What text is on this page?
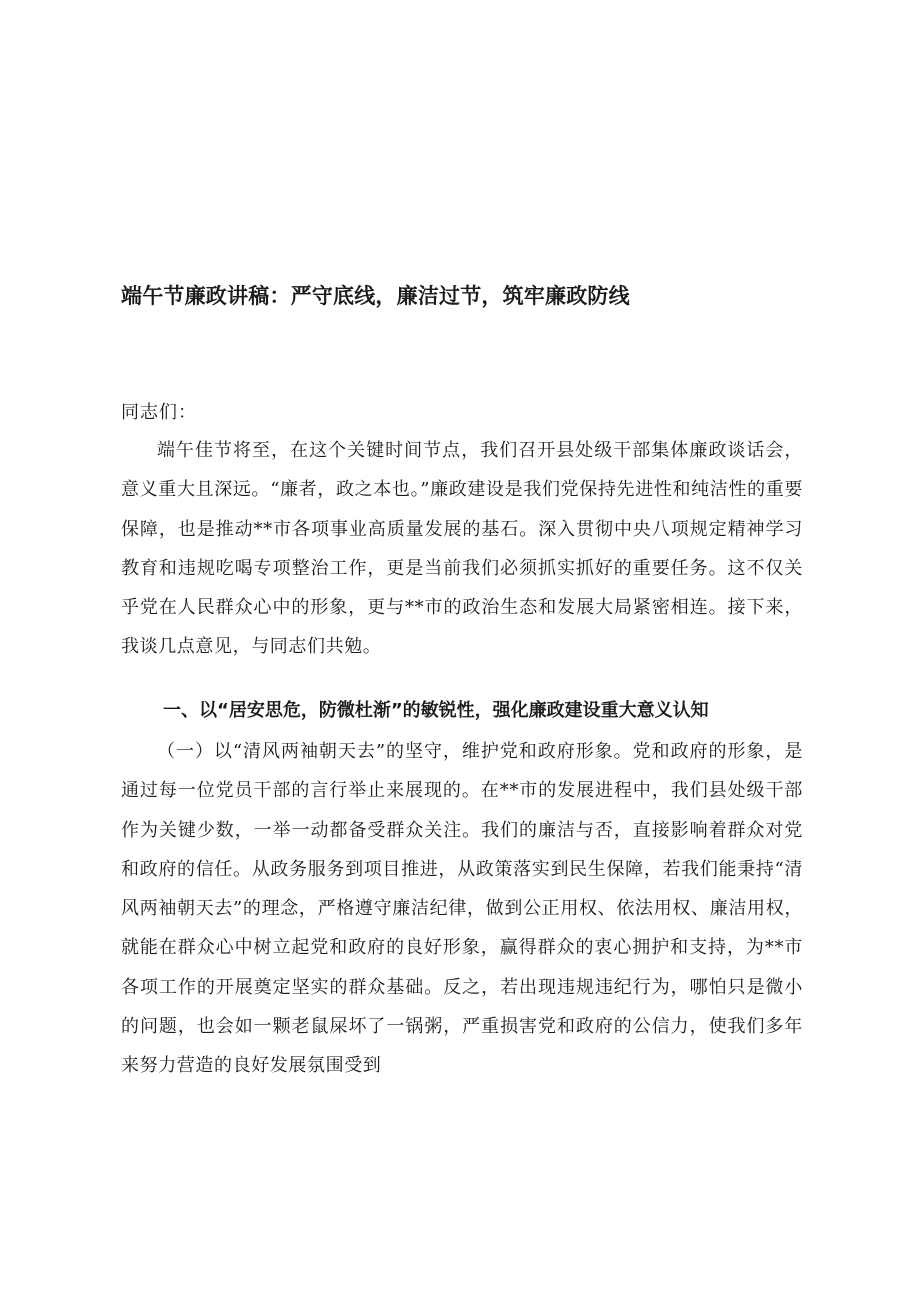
端午节廉政讲稿：严守底线，廉洁过节，筑牢廉政防线
同志们：

端午佳节将至，在这个关键时间节点，我们召开县处级干部集体廉政谈话会，意义重大且深远。“廉者，政之本也。”廉政建设是我们党保持先进性和纯洁性的重要保障，也是推动**市各项事业高质量发展的基石。深入贯彻中央八项规定精神学习教育和违规吃喝专项整治工作，更是当前我们必须抓实抓好的重要任务。这不仅关乎党在人民群众心中的形象，更与**市的政治生态和发展大局紧密相连。接下来，我谈几点意见，与同志们共勉。

一、以“居安思危，防微杜渐”的敏锐性，强化廉政建设重大意义认知

（一）以“清风两袖朝天去”的坚守，维护党和政府形象。党和政府的形象，是通过每一位党员干部的言行举止来展现的。在**市的发展进程中，我们县处级干部作为关键少数，一举一动都备受群众关注。我们的廉洁与否，直接影响着群众对党和政府的信任。从政务服务到项目推进，从政策落实到民生保障，若我们能秉持“清风两袖朝天去”的理念，严格遵守廉洁纪律，做到公正用权、依法用权、廉洁用权，就能在群众心中树立起党和政府的良好形象，赢得群众的衷心拥护和支持，为**市各项工作的开展奠定坚实的群众基础。反之，若出现违规违纪行为，哪怕只是微小的问题，也会如一颗老鼠屎坏了一锅粥，严重损害党和政府的公信力，使我们多年来努力营造的良好发展氛围受到
